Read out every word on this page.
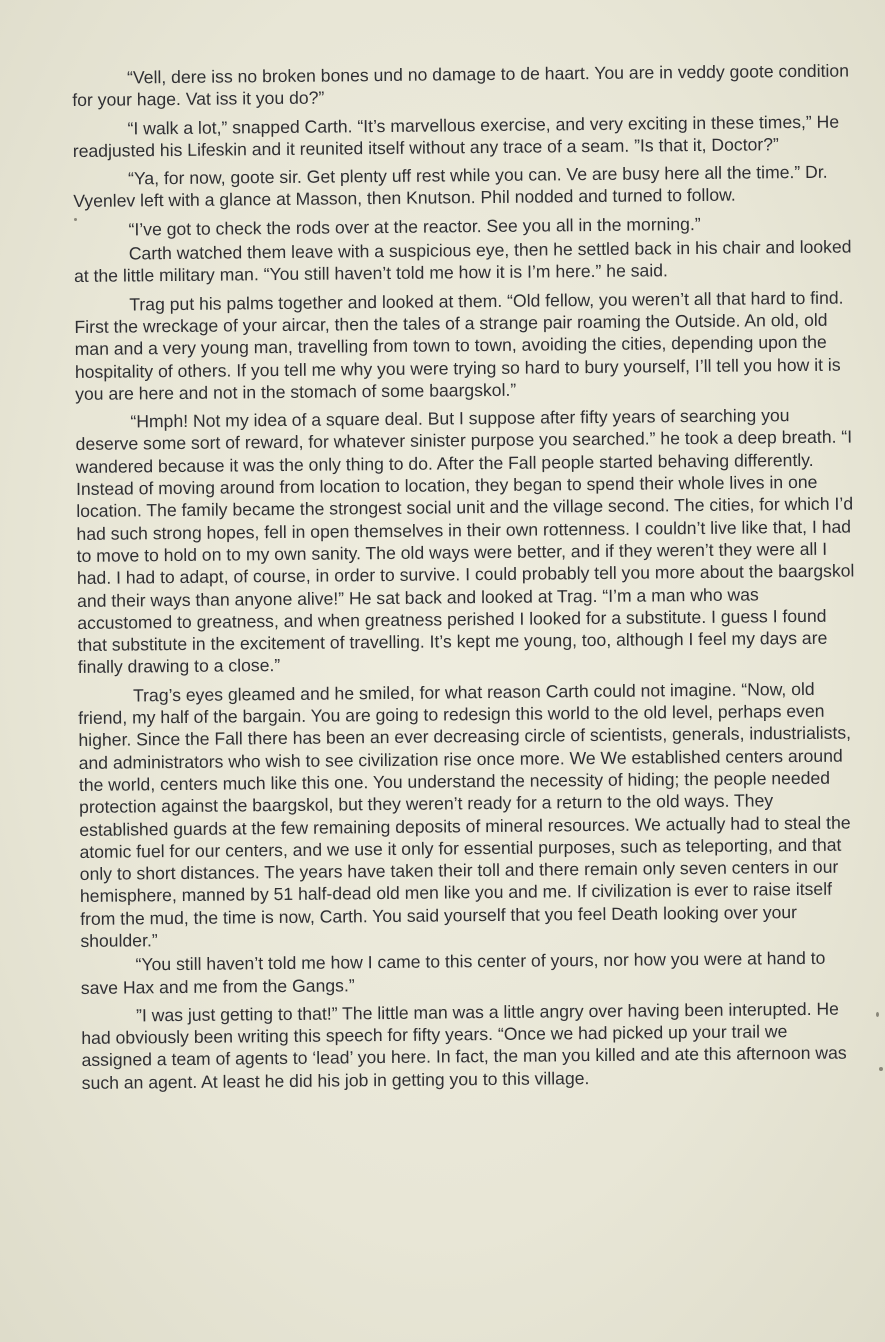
“Vell, dere iss no broken bones und no damage to de haart. You are in veddy goote condition for your hage. Vat iss it you do?”

“I walk a lot,” snapped Carth. “It’s marvellous exercise, and very exciting in these times,” He readjusted his Lifeskin and it reunited itself without any trace of a seam. ”Is that it, Doctor?”

“Ya, for now, goote sir. Get plenty uff rest while you can. Ve are busy here all the time.” Dr. Vyenlev left with a glance at Masson, then Knutson. Phil nodded and turned to follow.

“I’ve got to check the rods over at the reactor. See you all in the morning.”

Carth watched them leave with a suspicious eye, then he settled back in his chair and looked at the little military man. “You still haven’t told me how it is I’m here.” he said.

Trag put his palms together and looked at them. “Old fellow, you weren’t all that hard to find. First the wreckage of your aircar, then the tales of a strange pair roaming the Outside. An old, old man and a very young man, travelling from town to town, avoiding the cities, depending upon the hospitality of others. If you tell me why you were trying so hard to bury yourself, I’ll tell you how it is you are here and not in the stomach of some baargskol.”

“Hmph! Not my idea of a square deal. But I suppose after fifty years of searching you deserve some sort of reward, for whatever sinister purpose you searched.” he took a deep breath. “I wandered because it was the only thing to do. After the Fall people started behaving differently. Instead of moving around from location to location, they began to spend their whole lives in one location. The family became the strongest social unit and the village second. The cities, for which I’d had such strong hopes, fell in open themselves in their own rottenness. I couldn’t live like that, I had to move to hold on to my own sanity. The old ways were better, and if they weren’t they were all I had. I had to adapt, of course, in order to survive. I could probably tell you more about the baargskol and their ways than anyone alive!” He sat back and looked at Trag. “I’m a man who was accustomed to greatness, and when greatness perished I looked for a substitute. I guess I found that substitute in the excitement of travelling. It’s kept me young, too, although I feel my days are finally drawing to a close.”

Trag’s eyes gleamed and he smiled, for what reason Carth could not imagine. “Now, old friend, my half of the bargain. You are going to redesign this world to the old level, perhaps even higher. Since the Fall there has been an ever decreasing circle of scientists, generals, industrialists, and administrators who wish to see civilization rise once more. We We established centers around the world, centers much like this one. You understand the necessity of hiding; the people needed protection against the baargskol, but they weren’t ready for a return to the old ways. They established guards at the few remaining deposits of mineral resources. We actually had to steal the atomic fuel for our centers, and we use it only for essential purposes, such as teleporting, and that only to short distances. The years have taken their toll and there remain only seven centers in our hemisphere, manned by 51 half-dead old men like you and me. If civilization is ever to raise itself from the mud, the time is now, Carth. You said yourself that you feel Death looking over your shoulder.”

“You still haven’t told me how I came to this center of yours, nor how you were at hand to save Hax and me from the Gangs.”

”I was just getting to that!” The little man was a little angry over having been interupted. He had obviously been writing this speech for fifty years. “Once we had picked up your trail we assigned a team of agents to ‘lead’ you here. In fact, the man you killed and ate this afternoon was such an agent. At least he did his job in getting you to this village.
